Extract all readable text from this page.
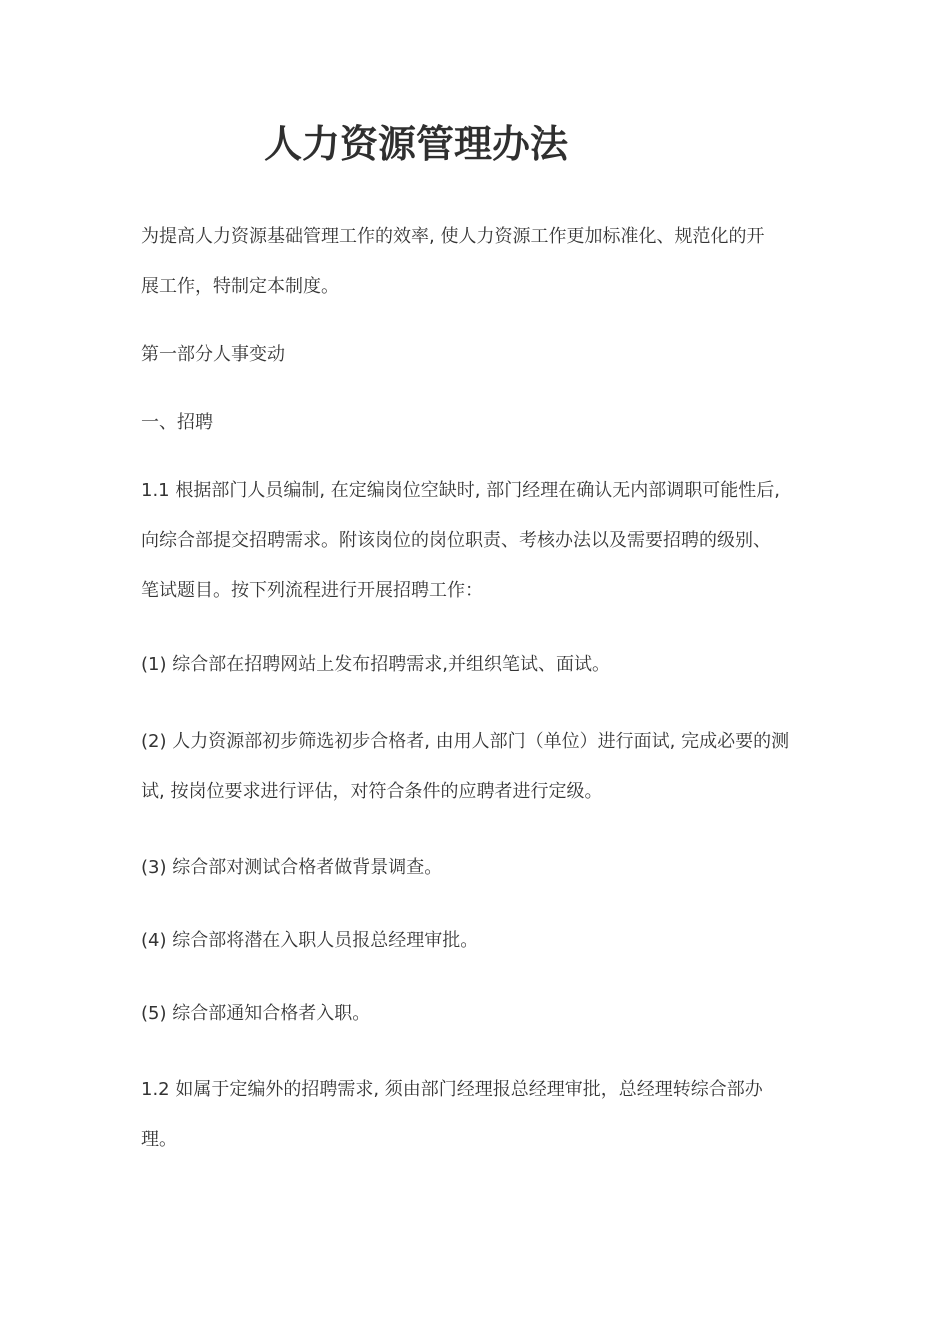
人力资源管理办法
为提高人力资源基础管理工作的效率, 使人力资源工作更加标准化、规范化的开
展工作，特制定本制度。
第一部分人事变动
一、招聘
1.1 根据部门人员编制, 在定编岗位空缺时, 部门经理在确认无内部调职可能性后,
向综合部提交招聘需求。附该岗位的岗位职责、考核办法以及需要招聘的级别、
笔试题目。按下列流程进行开展招聘工作：
(1) 综合部在招聘网站上发布招聘需求,并组织笔试、面试。
(2) 人力资源部初步筛选初步合格者, 由用人部门（单位）进行面试, 完成必要的测
试, 按岗位要求进行评估，对符合条件的应聘者进行定级。
(3) 综合部对测试合格者做背景调查。
(4) 综合部将潜在入职人员报总经理审批。
(5) 综合部通知合格者入职。
1.2 如属于定编外的招聘需求, 须由部门经理报总经理审批，总经理转综合部办
理。
